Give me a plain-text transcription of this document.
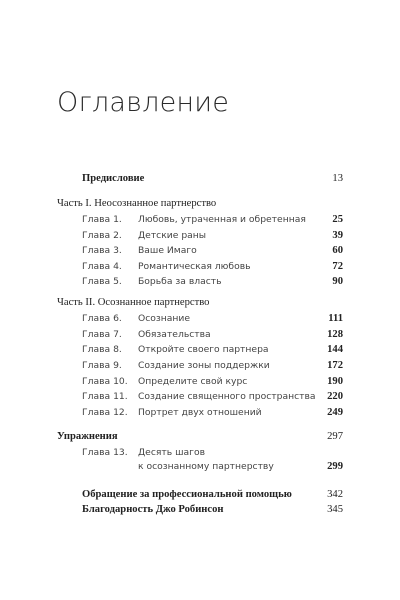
Оглавление
Предисловие	13
Часть I. Неосознанное партнерство
Глава 1. Любовь, утраченная и обретенная	25
Глава 2. Детские раны	39
Глава 3. Ваше Имаго	60
Глава 4. Романтическая любовь	72
Глава 5. Борьба за власть	90
Часть II. Осознанное партнерство
Глава 6. Осознание	111
Глава 7. Обязательства	128
Глава 8. Откройте своего партнера	144
Глава 9. Создание зоны поддержки	172
Глава 10. Определите свой курс	190
Глава 11. Создание священного пространства 220
Глава 12. Портрет двух отношений	249
Упражнения	297
Глава 13. Десять шагов
к осознанному партнерству	299
Обращение за профессиональной помощью	342
Благодарность Джо Робинсон	345
